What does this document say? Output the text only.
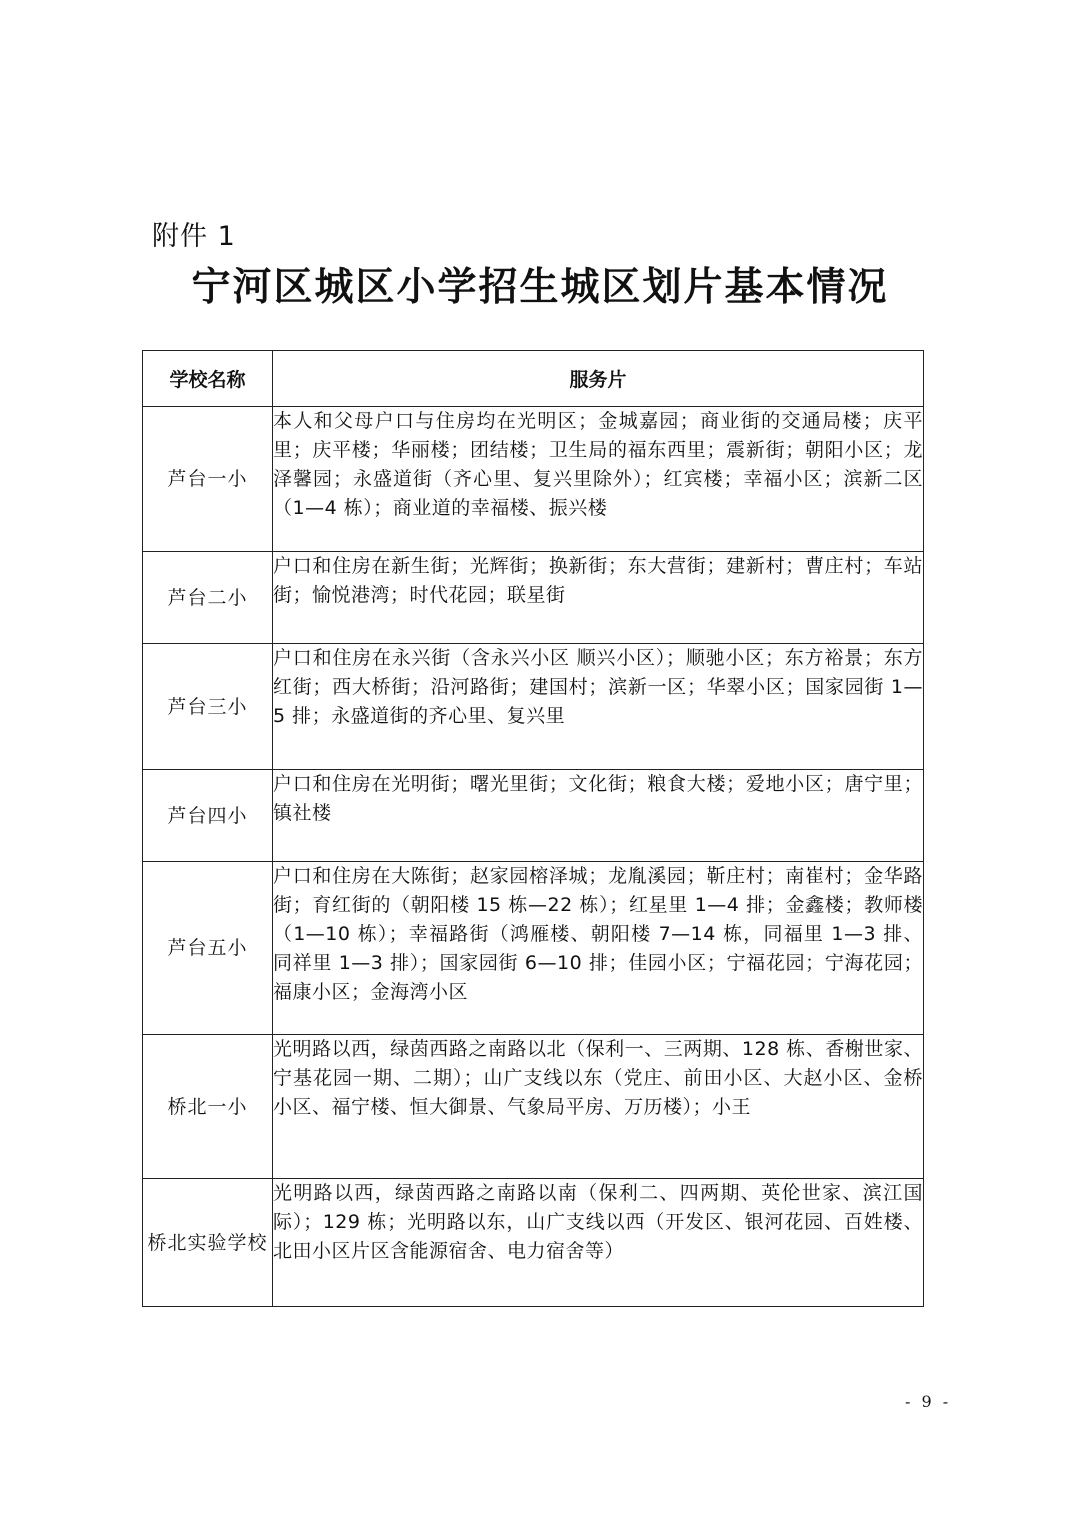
附件 1
宁河区城区小学招生城区划片基本情况
学校名称	服务片
芦台一小	本人和父母户口与住房均在光明区；金城嘉园；商业街的交通局楼；庆平里；庆平楼；华丽楼；团结楼；卫生局的福东西里；震新街；朝阳小区；龙泽馨园；永盛道街（齐心里、复兴里除外）；红宾楼；幸福小区；滨新二区（1—4 栋）；商业道的幸福楼、振兴楼
芦台二小	户口和住房在新生街；光辉街；换新街；东大营街；建新村；曹庄村；车站街；愉悦港湾；时代花园；联星街
芦台三小	户口和住房在永兴街（含永兴小区 顺兴小区）；顺驰小区；东方裕景；东方红街；西大桥街；沿河路街；建国村；滨新一区；华翠小区；国家园街 1—5 排；永盛道街的齐心里、复兴里
芦台四小	户口和住房在光明街；曙光里街；文化街；粮食大楼；爱地小区；唐宁里；镇社楼
芦台五小	户口和住房在大陈街；赵家园榕泽城；龙胤溪园；靳庄村；南崔村；金华路街；育红街的（朝阳楼 15 栋—22 栋）；红星里 1—4 排；金鑫楼；教师楼（1—10 栋）；幸福路街（鸿雁楼、朝阳楼 7—14 栋，同福里 1—3 排、同祥里 1—3 排）；国家园街 6—10 排；佳园小区；宁福花园；宁海花园；福康小区；金海湾小区
桥北一小	光明路以西，绿茵西路之南路以北（保利一、三两期、128 栋、香榭世家、宁基花园一期、二期）；山广支线以东（党庄、前田小区、大赵小区、金桥小区、福宁楼、恒大御景、气象局平房、万历楼）；小王
桥北实验学校	光明路以西，绿茵西路之南路以南（保利二、四两期、英伦世家、滨江国际）；129 栋；光明路以东，山广支线以西（开发区、银河花园、百姓楼、北田小区片区含能源宿舍、电力宿舍等）
- 9 -
